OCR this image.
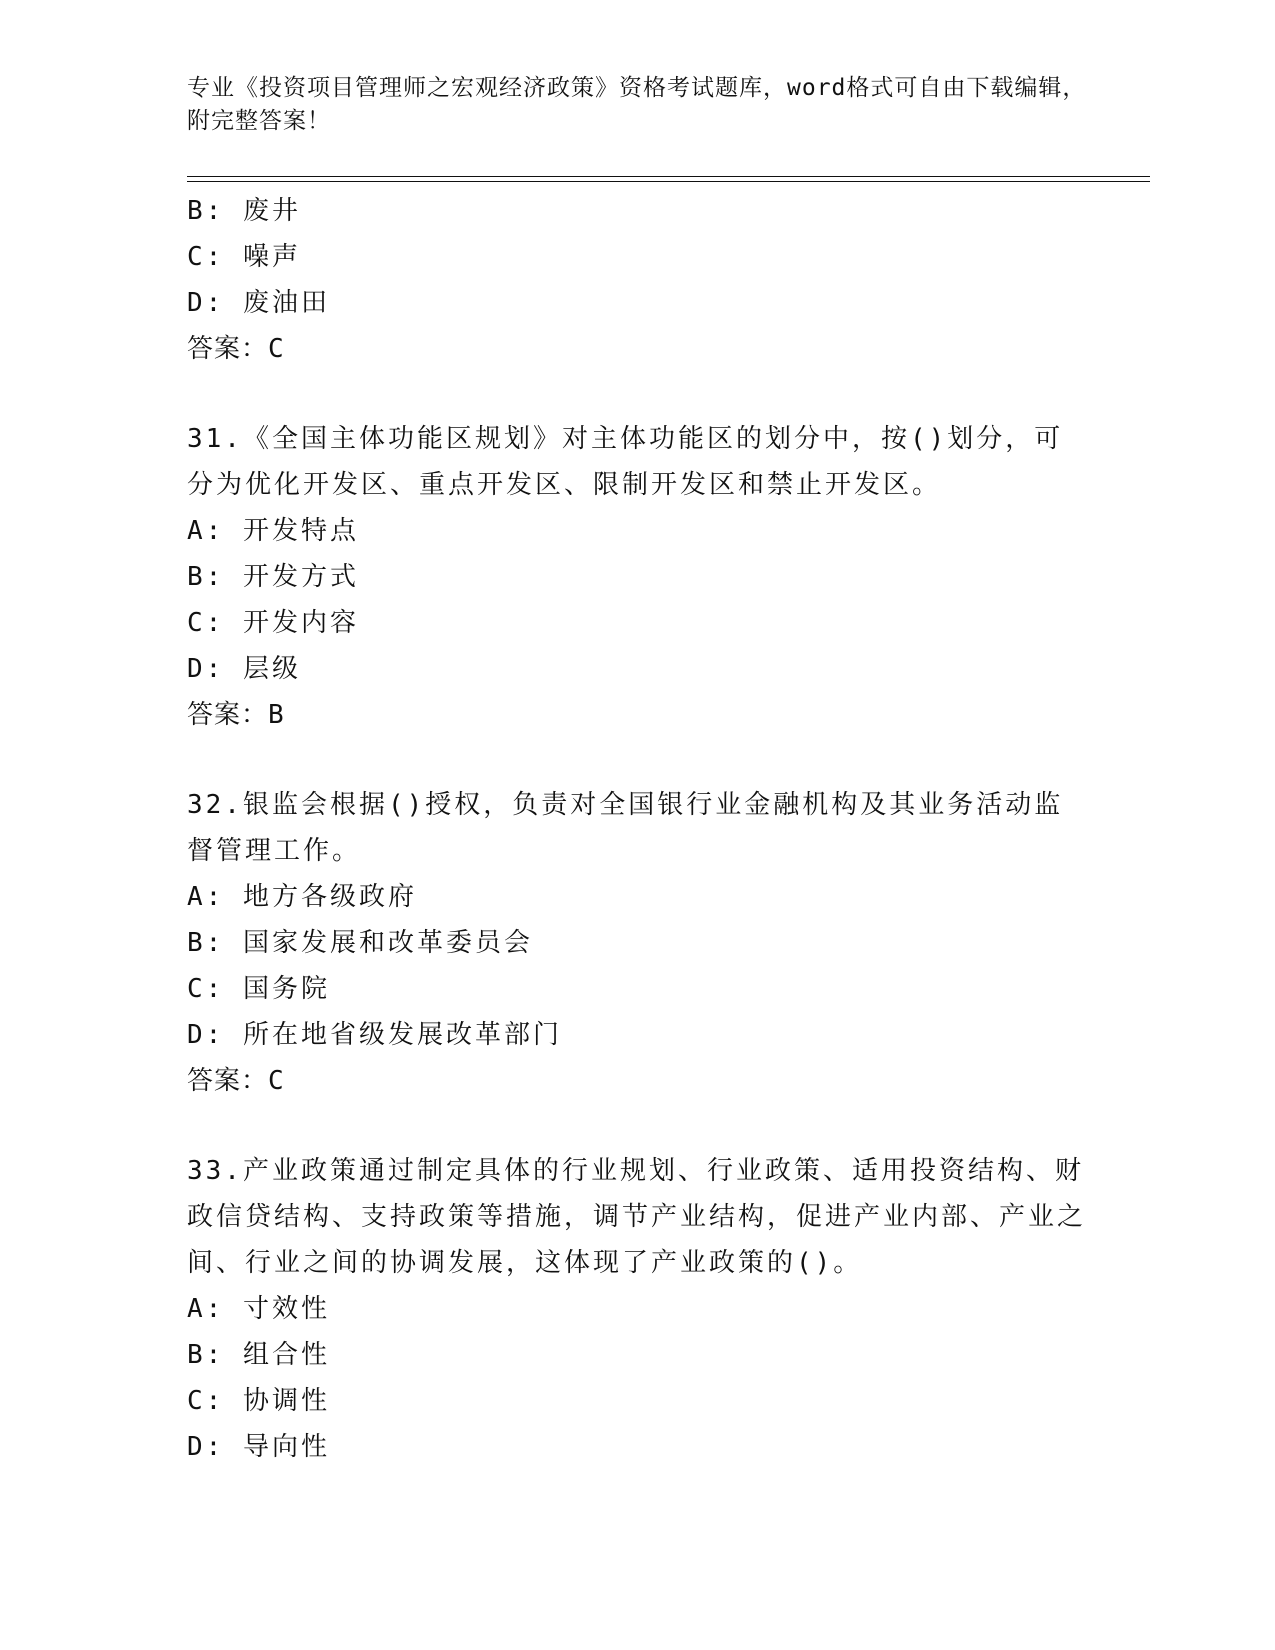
专业《投资项目管理师之宏观经济政策》资格考试题库，word格式可自由下载编辑，附完整答案！
B: 废井
C: 噪声
D: 废油田
答案：C
31.《全国主体功能区规划》对主体功能区的划分中，按()划分，可分为优化开发区、重点开发区、限制开发区和禁止开发区。
A: 开发特点
B: 开发方式
C: 开发内容
D: 层级
答案：B
32.银监会根据()授权，负责对全国银行业金融机构及其业务活动监督管理工作。
A: 地方各级政府
B: 国家发展和改革委员会
C: 国务院
D: 所在地省级发展改革部门
答案：C
33.产业政策通过制定具体的行业规划、行业政策、适用投资结构、财政信贷结构、支持政策等措施，调节产业结构，促进产业内部、产业之间、行业之间的协调发展，这体现了产业政策的()。
A: 寸效性
B: 组合性
C: 协调性
D: 导向性
